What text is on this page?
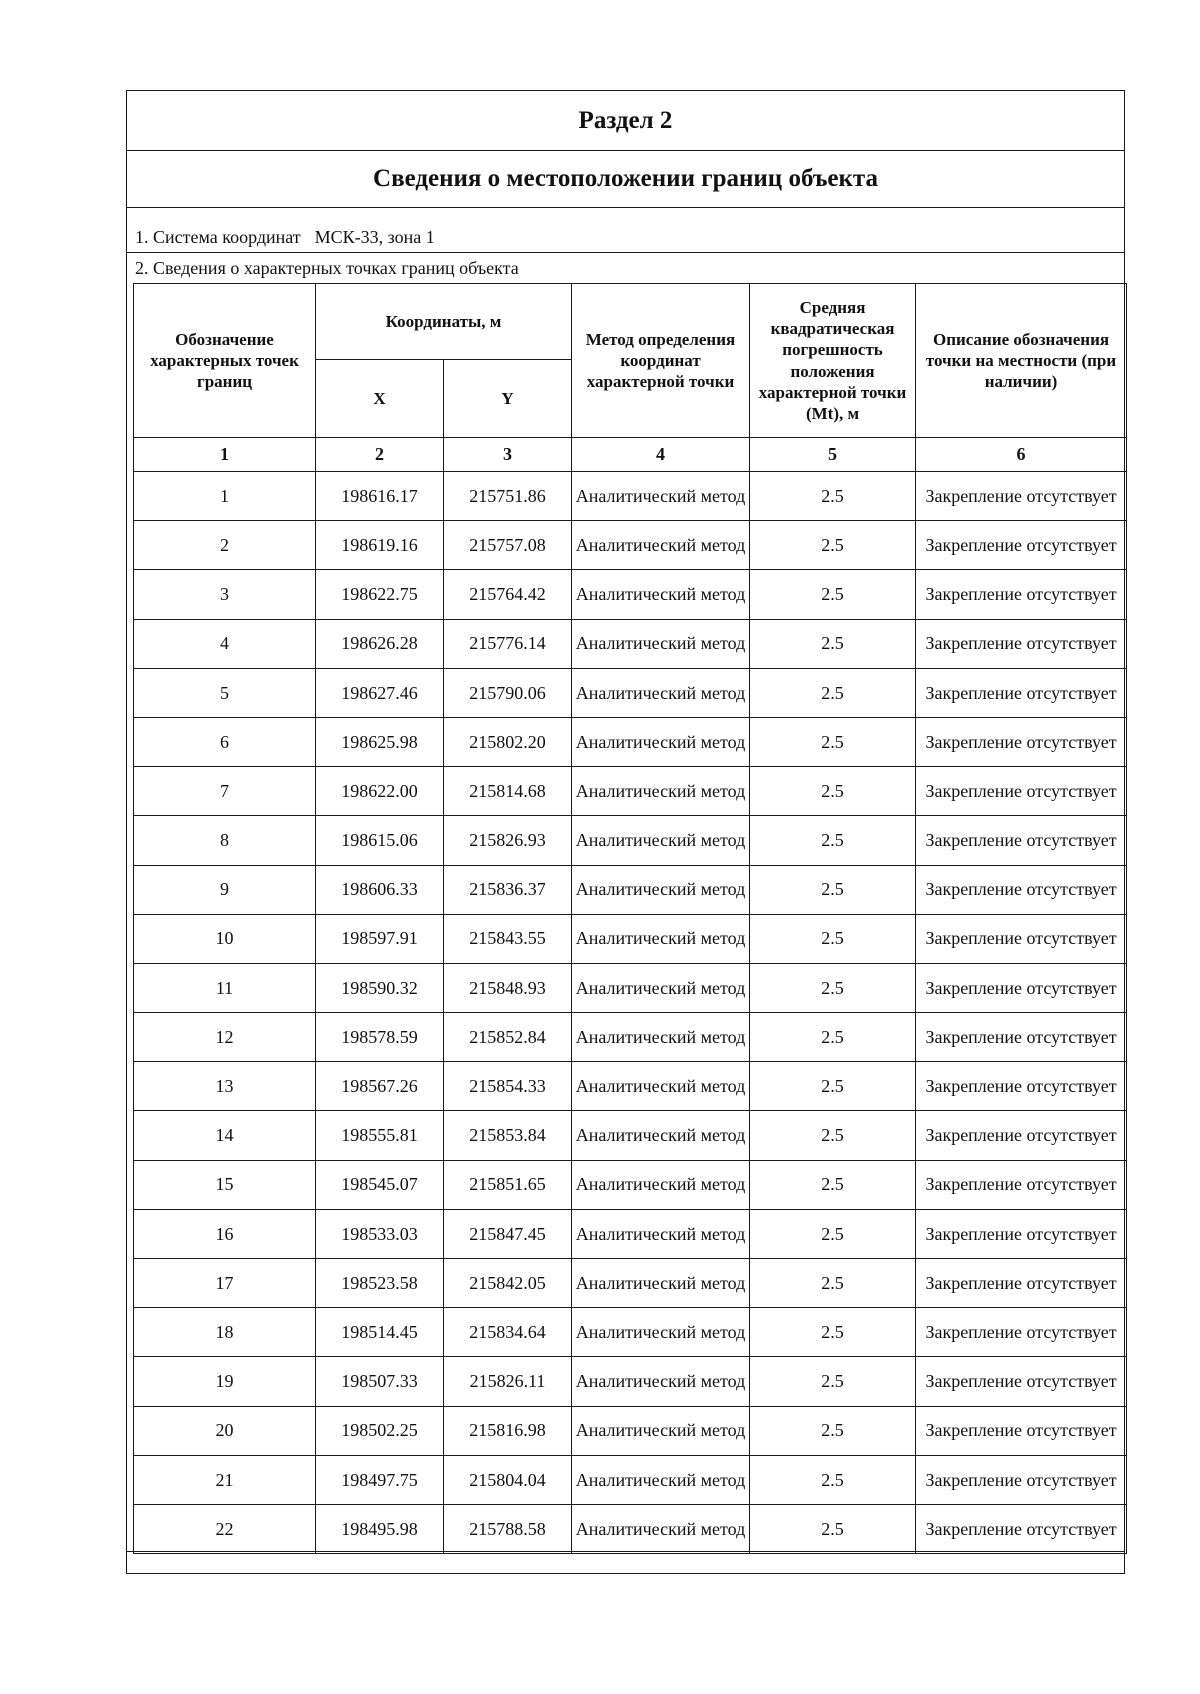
Раздел 2
Сведения о местоположении границ объекта
1. Система координат МСК-33, зона 1
2. Сведения о характерных точках границ объекта
Обозначение характерных точек границ	Координаты, м		Метод определения координат характерной точки	Средняя квадратическая погрешность положения характерной точки (Mt), м	Описание обозначения точки на местности (при наличии)
	X	Y			
1	2	3	4	5	6
1	198616.17	215751.86	Аналитический метод	2.5	Закрепление отсутствует
2	198619.16	215757.08	Аналитический метод	2.5	Закрепление отсутствует
3	198622.75	215764.42	Аналитический метод	2.5	Закрепление отсутствует
4	198626.28	215776.14	Аналитический метод	2.5	Закрепление отсутствует
5	198627.46	215790.06	Аналитический метод	2.5	Закрепление отсутствует
6	198625.98	215802.20	Аналитический метод	2.5	Закрепление отсутствует
7	198622.00	215814.68	Аналитический метод	2.5	Закрепление отсутствует
8	198615.06	215826.93	Аналитический метод	2.5	Закрепление отсутствует
9	198606.33	215836.37	Аналитический метод	2.5	Закрепление отсутствует
10	198597.91	215843.55	Аналитический метод	2.5	Закрепление отсутствует
11	198590.32	215848.93	Аналитический метод	2.5	Закрепление отсутствует
12	198578.59	215852.84	Аналитический метод	2.5	Закрепление отсутствует
13	198567.26	215854.33	Аналитический метод	2.5	Закрепление отсутствует
14	198555.81	215853.84	Аналитический метод	2.5	Закрепление отсутствует
15	198545.07	215851.65	Аналитический метод	2.5	Закрепление отсутствует
16	198533.03	215847.45	Аналитический метод	2.5	Закрепление отсутствует
17	198523.58	215842.05	Аналитический метод	2.5	Закрепление отсутствует
18	198514.45	215834.64	Аналитический метод	2.5	Закрепление отсутствует
19	198507.33	215826.11	Аналитический метод	2.5	Закрепление отсутствует
20	198502.25	215816.98	Аналитический метод	2.5	Закрепление отсутствует
21	198497.75	215804.04	Аналитический метод	2.5	Закрепление отсутствует
22	198495.98	215788.58	Аналитический метод	2.5	Закрепление отсутствует
